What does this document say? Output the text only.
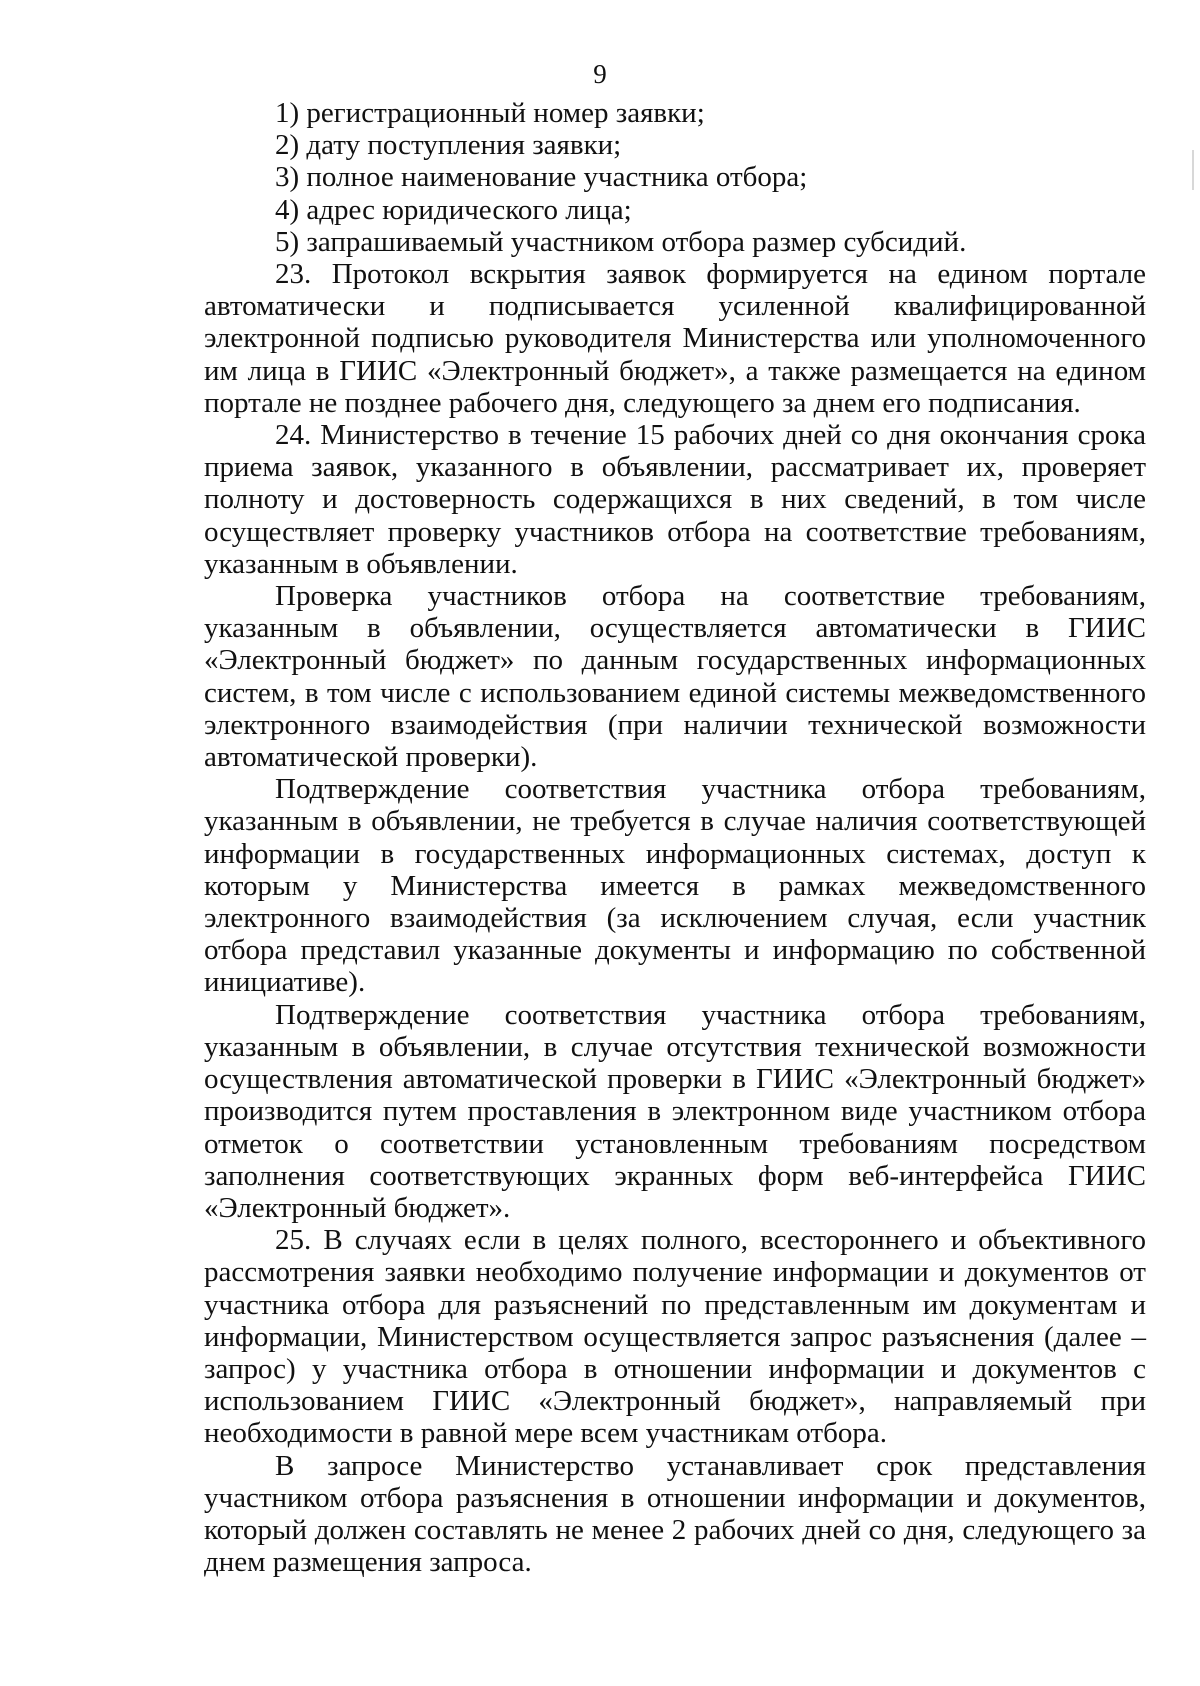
9

1) регистрационный номер заявки;

2) дату поступления заявки;

3) полное наименование участника отбора;

4) адрес юридического лица;

5) запрашиваемый участником отбора размер субсидий.

23. Протокол вскрытия заявок формируется на едином портале автоматически и подписывается усиленной квалифицированной электронной подписью руководителя Министерства или уполномоченного им лица в ГИИС «Электронный бюджет», а также размещается на едином портале не позднее рабочего дня, следующего за днем его подписания.

24. Министерство в течение 15 рабочих дней со дня окончания срока приема заявок, указанного в объявлении, рассматривает их, проверяет полноту и достоверность содержащихся в них сведений, в том числе осуществляет проверку участников отбора на соответствие требованиям, указанным в объявлении.

Проверка участников отбора на соответствие требованиям, указанным в объявлении, осуществляется автоматически в ГИИС «Электронный бюджет» по данным государственных информационных систем, в том числе с использованием единой системы межведомственного электронного взаимодействия (при наличии технической возможности автоматической проверки).

Подтверждение соответствия участника отбора требованиям, указанным в объявлении, не требуется в случае наличия соответствующей информации в государственных информационных системах, доступ к которым у Министерства имеется в рамках межведомственного электронного взаимодействия (за исключением случая, если участник отбора представил указанные документы и информацию по собственной инициативе).

Подтверждение соответствия участника отбора требованиям, указанным в объявлении, в случае отсутствия технической возможности осуществления автоматической проверки в ГИИС «Электронный бюджет» производится путем проставления в электронном виде участником отбора отметок о соответствии установленным требованиям посредством заполнения соответствующих экранных форм веб-интерфейса ГИИС «Электронный бюджет».

25. В случаях если в целях полного, всестороннего и объективного рассмотрения заявки необходимо получение информации и документов от участника отбора для разъяснений по представленным им документам и информации, Министерством осуществляется запрос разъяснения (далее – запрос) у участника отбора в отношении информации и документов с использованием ГИИС «Электронный бюджет», направляемый при необходимости в равной мере всем участникам отбора.

В запросе Министерство устанавливает срок представления участником отбора разъяснения в отношении информации и документов, который должен составлять не менее 2 рабочих дней со дня, следующего за днем размещения запроса.
